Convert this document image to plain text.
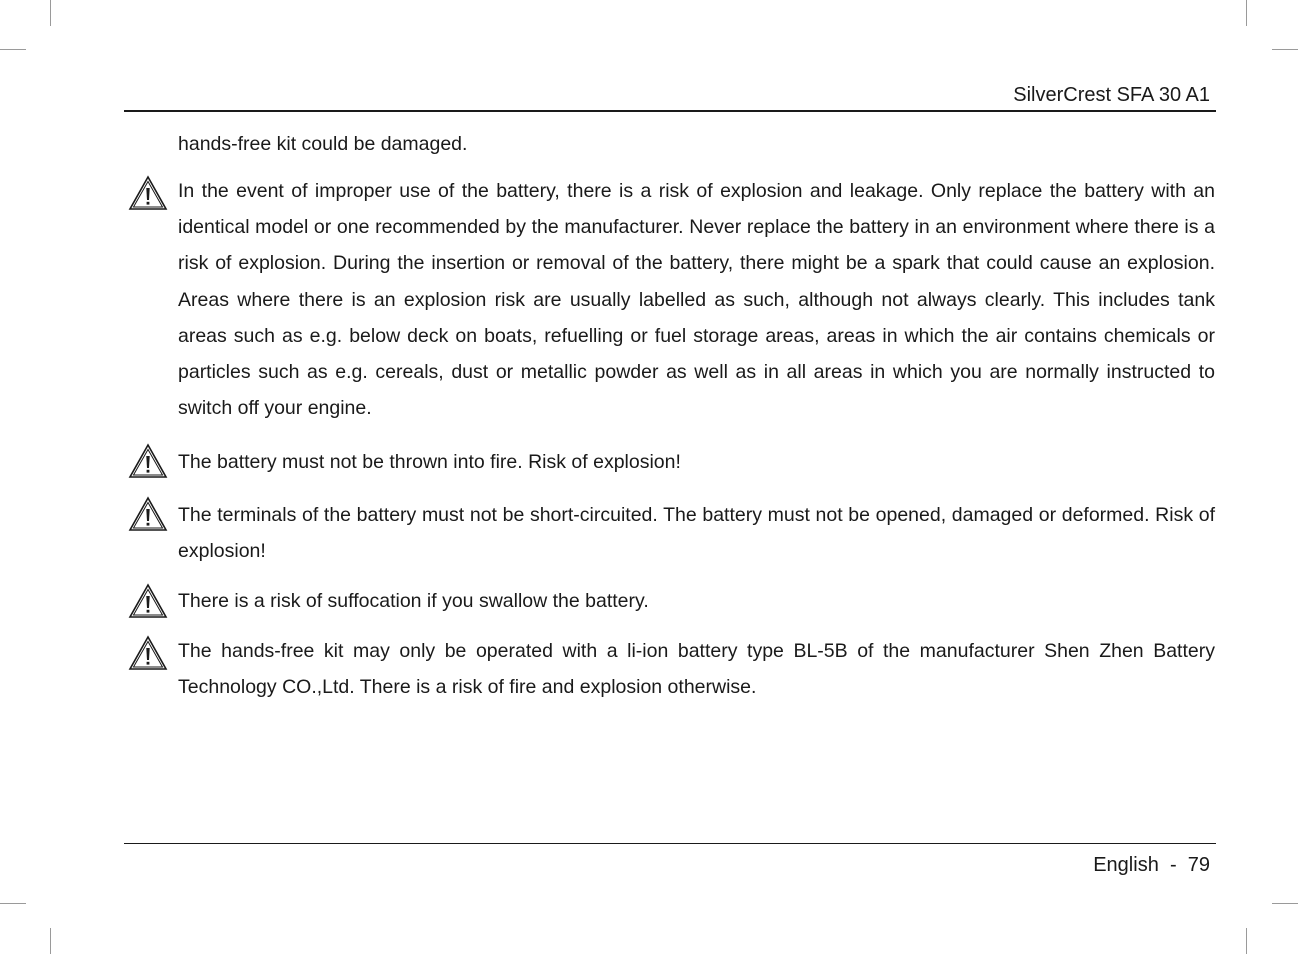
SilverCrest SFA 30 A1
hands-free kit could be damaged.
In the event of improper use of the battery, there is a risk of explosion and leakage. Only replace the battery with an identical model or one recommended by the manufacturer. Never replace the battery in an environment where there is a risk of explosion. During the insertion or removal of the battery, there might be a spark that could cause an explosion. Areas where there is an explosion risk are usually labelled as such, although not always clearly. This includes tank areas such as e.g. below deck on boats, refuelling or fuel storage areas, areas in which the air contains chemicals or particles such as e.g. cereals, dust or metallic powder as well as in all areas in which you are normally instructed to switch off your engine.
The battery must not be thrown into fire. Risk of explosion!
The terminals of the battery must not be short-circuited. The battery must not be opened, damaged or deformed. Risk of explosion!
There is a risk of suffocation if you swallow the battery.
The hands-free kit may only be operated with a li-ion battery type BL-5B of the manufacturer Shen Zhen Battery Technology CO.,Ltd. There is a risk of fire and explosion otherwise.
English - 79
